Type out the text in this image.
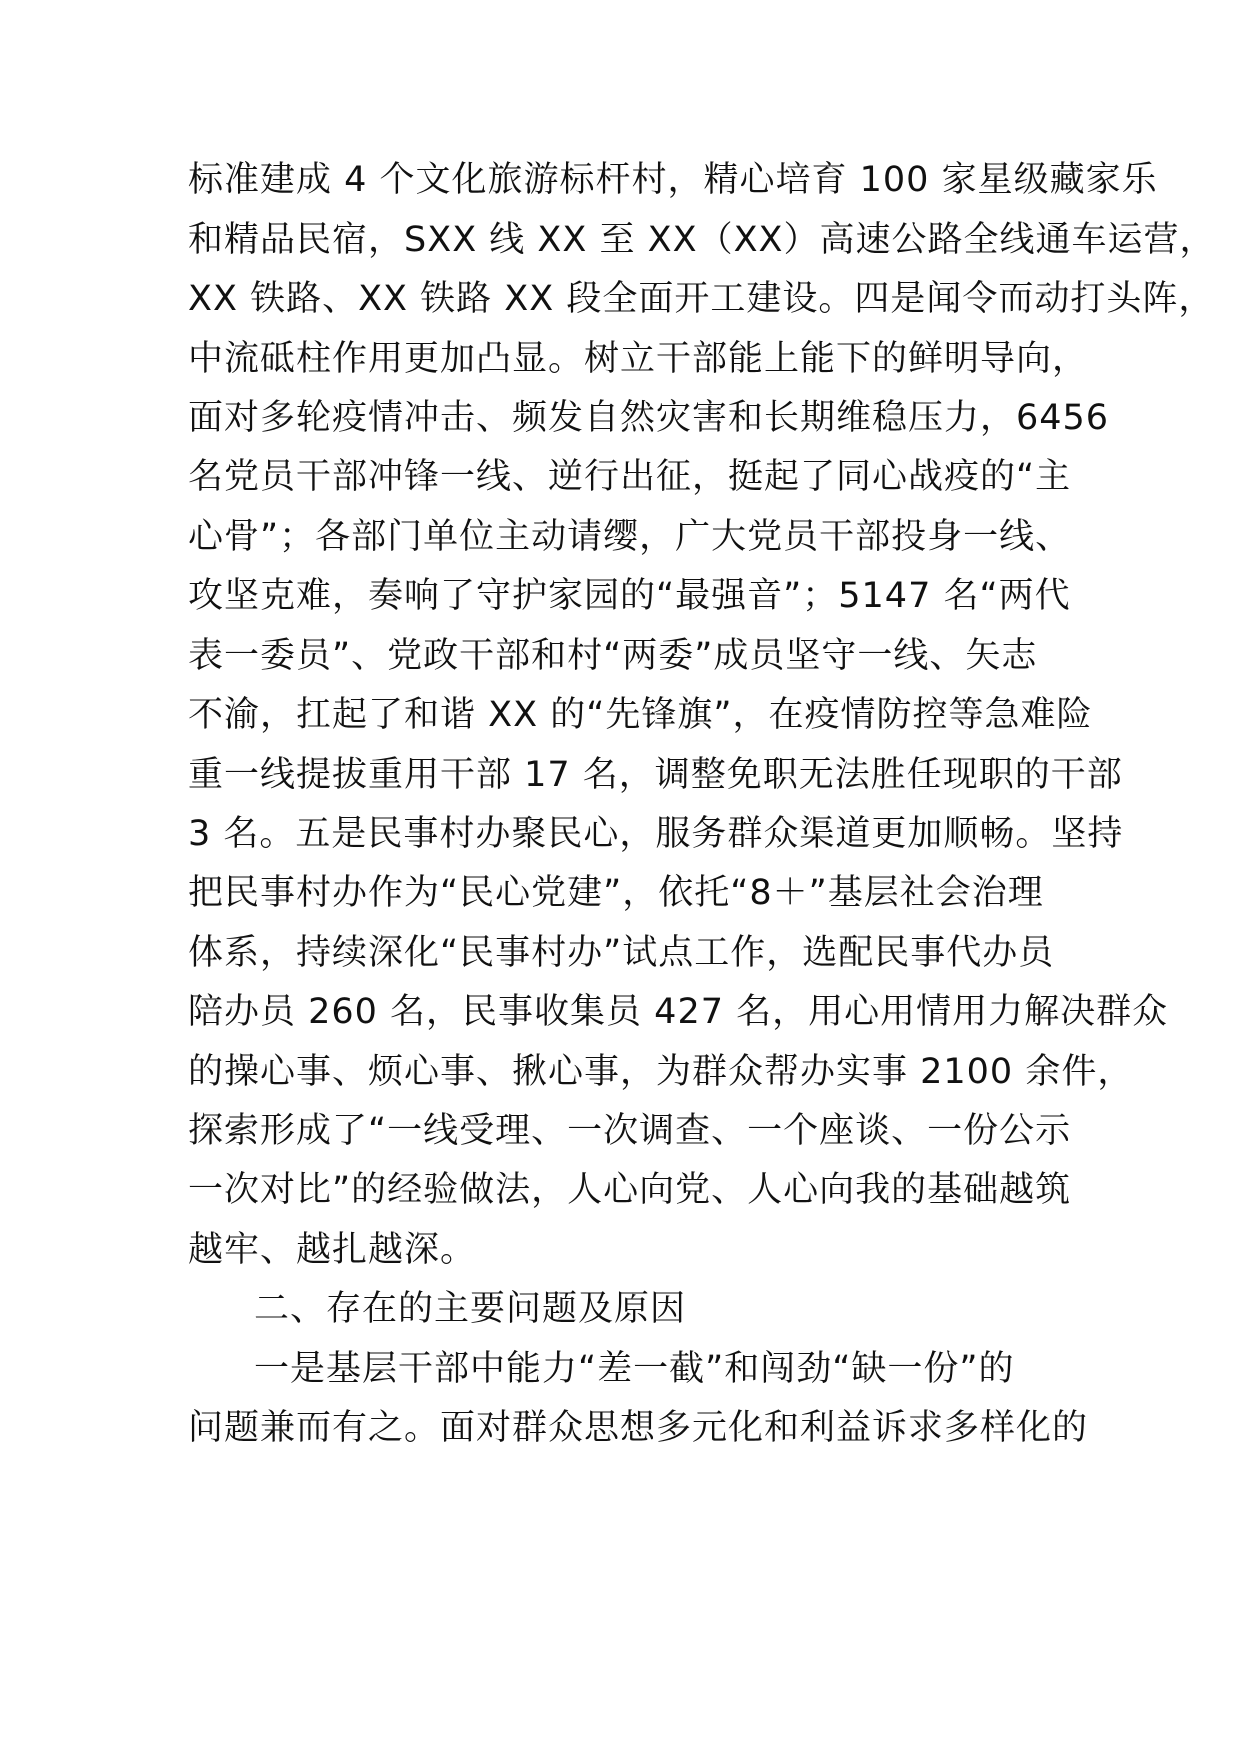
标准建成 4 个文化旅游标杆村，精心培育 100 家星级藏家乐
和精品民宿，SXX 线 XX 至 XX（XX）高速公路全线通车运营，
XX 铁路、XX 铁路 XX 段全面开工建设。四是闻令而动打头阵，
中流砥柱作用更加凸显。树立干部能上能下的鲜明导向，
面对多轮疫情冲击、频发自然灾害和长期维稳压力，6456
名党员干部冲锋一线、逆行出征，挺起了同心战疫的“主
心骨”；各部门单位主动请缨，广大党员干部投身一线、
攻坚克难，奏响了守护家园的“最强音”；5147 名“两代
表一委员”、党政干部和村“两委”成员坚守一线、矢志
不渝，扛起了和谐 XX 的“先锋旗”，在疫情防控等急难险
重一线提拔重用干部 17 名，调整免职无法胜任现职的干部
3 名。五是民事村办聚民心，服务群众渠道更加顺畅。坚持
把民事村办作为“民心党建”，依托“8＋”基层社会治理
体系，持续深化“民事村办”试点工作，选配民事代办员
陪办员 260 名，民事收集员 427 名，用心用情用力解决群众
的操心事、烦心事、揪心事，为群众帮办实事 2100 余件，
探索形成了“一线受理、一次调查、一个座谈、一份公示
一次对比”的经验做法，人心向党、人心向我的基础越筑
越牢、越扎越深。
二、存在的主要问题及原因
一是基层干部中能力“差一截”和闯劲“缺一份”的
问题兼而有之。面对群众思想多元化和利益诉求多样化的
